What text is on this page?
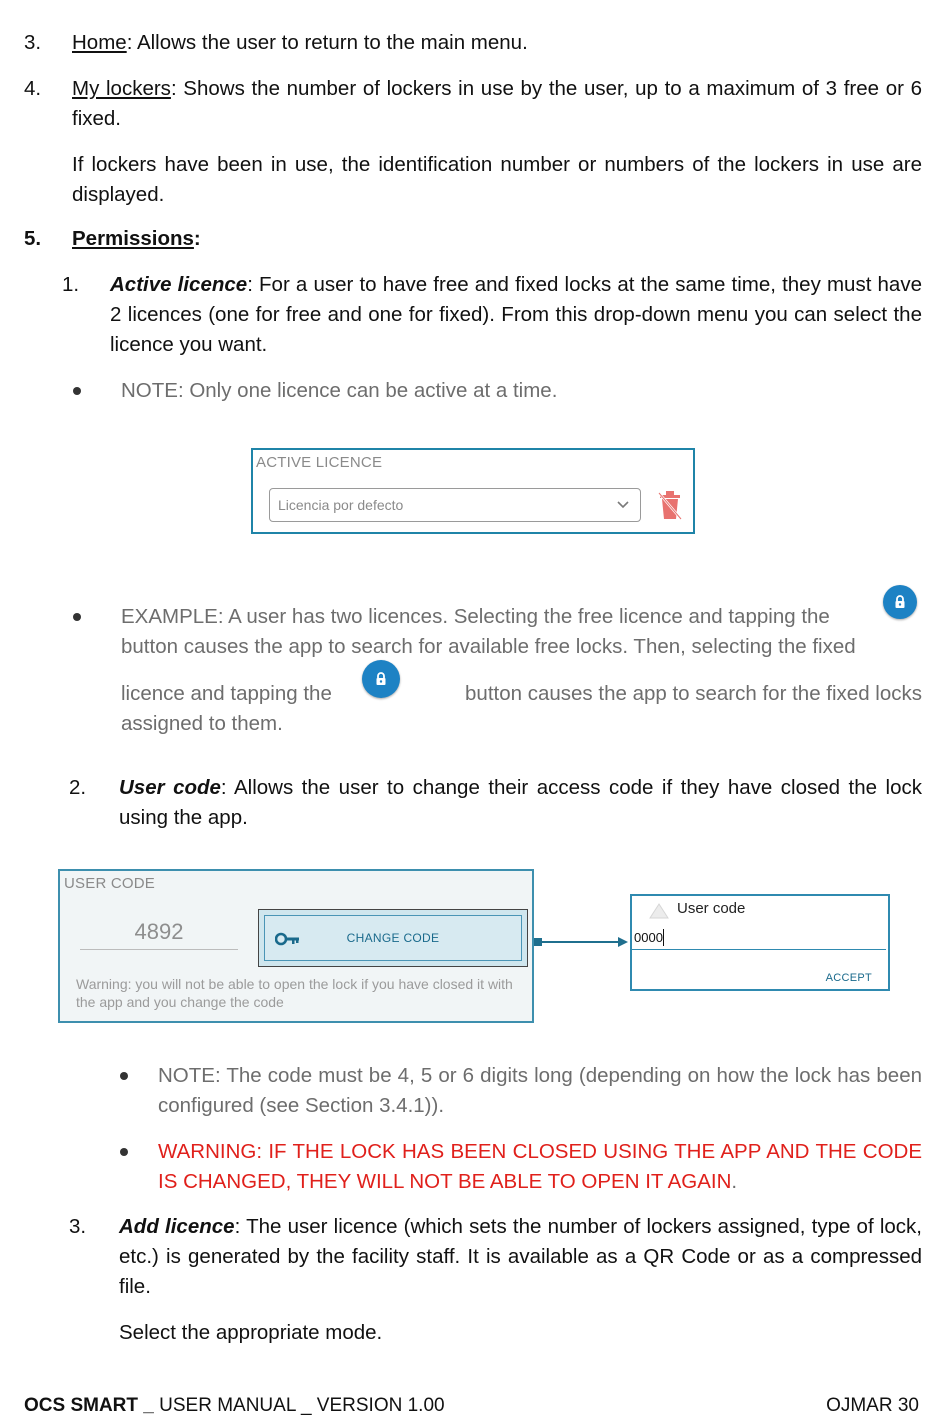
3. Home: Allows the user to return to the main menu.
4. My lockers: Shows the number of lockers in use by the user, up to a maximum of 3 free or 6 fixed.
If lockers have been in use, the identification number or numbers of the lockers in use are displayed.
5. Permissions:
1. Active licence: For a user to have free and fixed locks at the same time, they must have 2 licences (one for free and one for fixed). From this drop-down menu you can select the licence you want.
NOTE: Only one licence can be active at a time.
ACTIVE LICENCE
Licencia por defecto
EXAMPLE: A user has two licences. Selecting the free licence and tapping the
button causes the app to search for available free locks. Then, selecting the fixed
licence and tapping the	button causes the app to search for the fixed locks
assigned to them.
2. User code: Allows the user to change their access code if they have closed the lock using the app.
USER CODE
4892	CHANGE CODE
Warning: you will not be able to open the lock if you have closed it with the app and you change the code
User code
0000
ACCEPT
NOTE: The code must be 4, 5 or 6 digits long (depending on how the lock has been configured (see Section 3.4.1)).
WARNING: IF THE LOCK HAS BEEN CLOSED USING THE APP AND THE CODE IS CHANGED, THEY WILL NOT BE ABLE TO OPEN IT AGAIN.
3. Add licence: The user licence (which sets the number of lockers assigned, type of lock, etc.) is generated by the facility staff. It is available as a QR Code or as a compressed file.
Select the appropriate mode.
OCS SMART _ USER MANUAL _ VERSION 1.00	OJMAR 30
